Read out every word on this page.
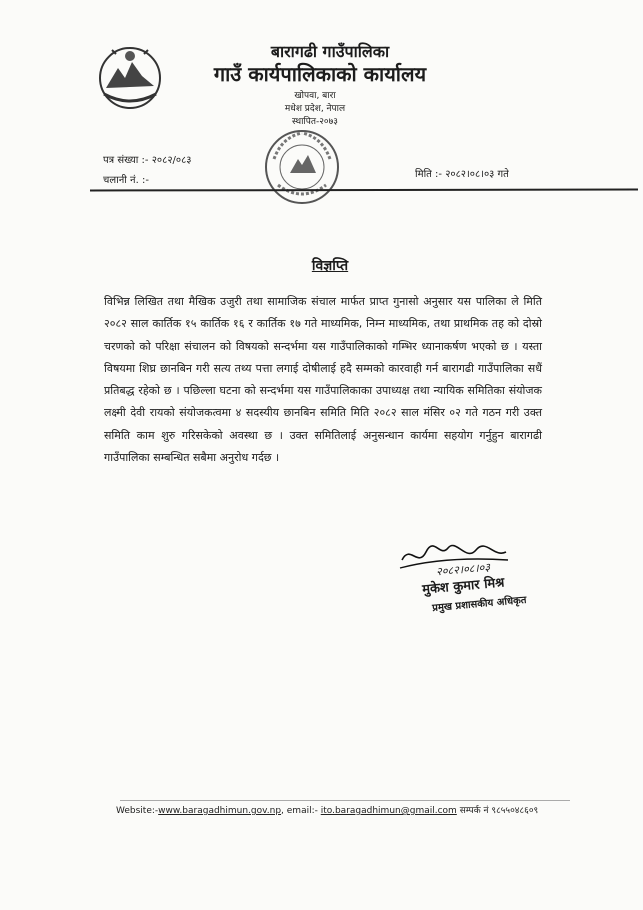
बारागढी गाउँपालिका
गाउँ कार्यपालिकाको कार्यालय
खोपवा, बारा
मधेश प्रदेश, नेपाल
स्थापित-२०७३
पत्र संख्या :- २०८२/०८३
चलानी नं. :-
मिति :- २०८२।०८।०३ गते
विज्ञप्ति

विभिन्न लिखित तथा मैखिक उजुरी तथा सामाजिक संचाल मार्फत प्राप्त गुनासो अनुसार यस पालिका ले मिति २०८२ साल कार्तिक १५ कार्तिक १६ र कार्तिक १७ गते माध्यमिक, निम्न माध्यमिक, तथा प्राथमिक तह को दोस्रो चरणको को परिक्षा संचालन को विषयको सन्दर्भमा यस गाउँपालिकाको गम्भिर ध्यानाकर्षण भएको छ । यस्ता विषयमा शिघ्र छानबिन गरी सत्य तथ्य पत्ता लगाई दोषीलाई हदै सम्मको कारवाही गर्न बारागढी गाउँपालिका सधैं प्रतिबद्ध रहेको छ । पछिल्ला घटना को सन्दर्भमा यस गाउँपालिकाका उपाध्यक्ष तथा न्यायिक समितिका संयोजक लक्ष्मी देवी रायको संयोजकत्वमा ४ सदस्यीय छानबिन समिति मिति २०८२ साल मंसिर ०२ गते गठन गरी उक्त समिति काम शुरु गरिसकेको अवस्था छ । उक्त समितिलाई अनुसन्धान कार्यमा सहयोग गर्नुहुन बारागढी गाउँपालिका सम्बन्धित सबैमा अनुरोध गर्दछ ।

२०८२।०८।०३
मुकेश कुमार मिश्र
प्रमुख प्रशासकीय अधिकृत
Website:-www.baragadhimun.gov.np, email:- ito.baragadhimun@gmail.com सम्पर्क नं ९८५५०४८६०९
